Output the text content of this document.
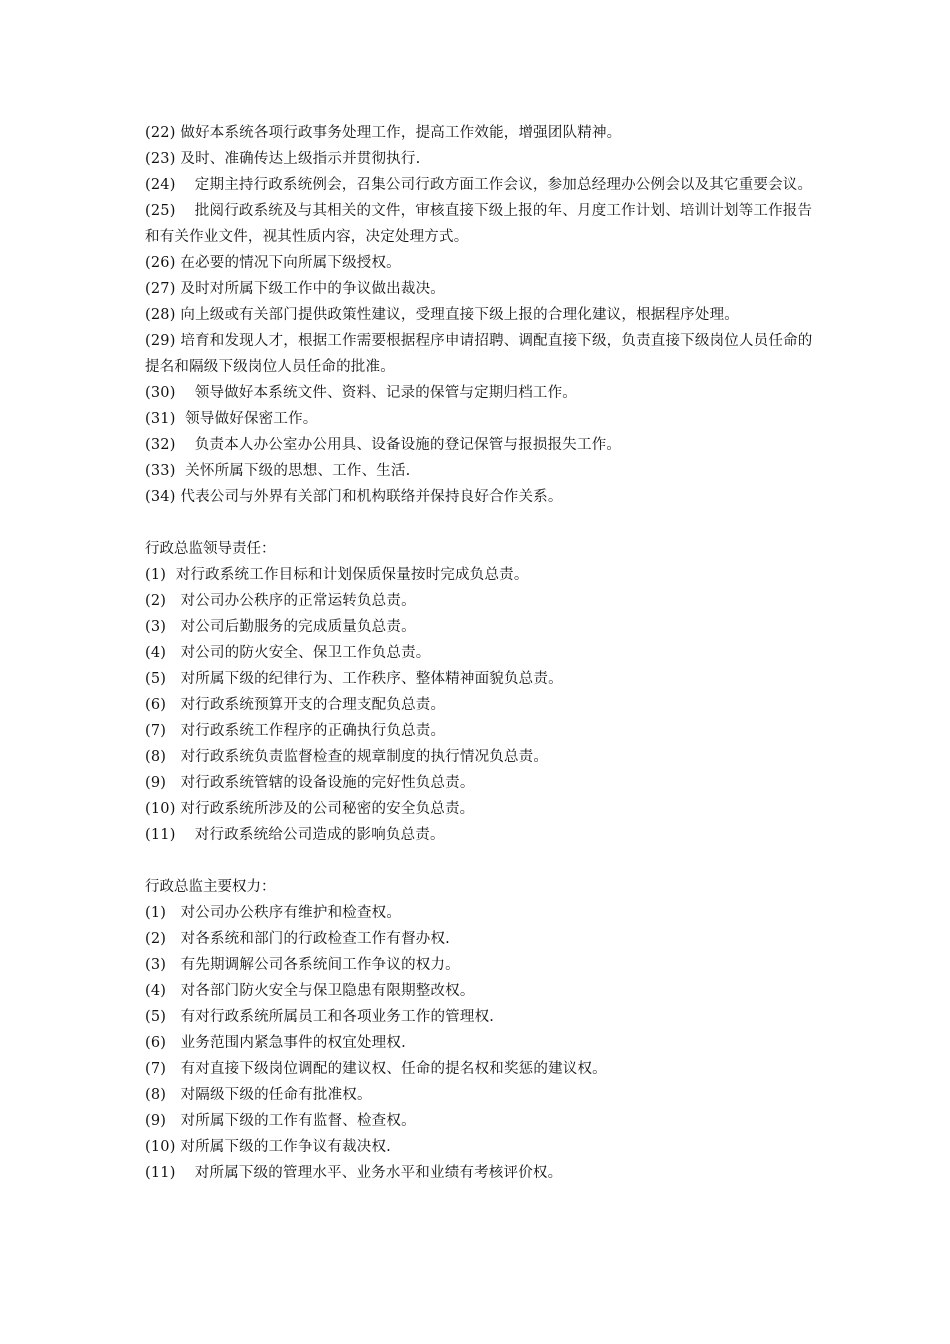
(22) 做好本系统各项行政事务处理工作，提高工作效能，增强团队精神。
(23) 及时、准确传达上级指示并贯彻执行.
(24)    定期主持行政系统例会，召集公司行政方面工作会议，参加总经理办公例会以及其它重要会议。
(25)    批阅行政系统及与其相关的文件，审核直接下级上报的年、月度工作计划、培训计划等工作报告和有关作业文件，视其性质内容，决定处理方式。
(26) 在必要的情况下向所属下级授权。
(27) 及时对所属下级工作中的争议做出裁决。
(28) 向上级或有关部门提供政策性建议，受理直接下级上报的合理化建议，根据程序处理。
(29) 培育和发现人才，根据工作需要根据程序申请招聘、调配直接下级，负责直接下级岗位人员任命的提名和隔级下级岗位人员任命的批准。
(30)    领导做好本系统文件、资料、记录的保管与定期归档工作。
(31)  领导做好保密工作。
(32)    负责本人办公室办公用具、设备设施的登记保管与报损报失工作。
(33)  关怀所属下级的思想、工作、生活.
(34) 代表公司与外界有关部门和机构联络并保持良好合作关系。
行政总监领导责任：
(1)  对行政系统工作目标和计划保质保量按时完成负总责。
(2)   对公司办公秩序的正常运转负总责。
(3)   对公司后勤服务的完成质量负总责。
(4)   对公司的防火安全、保卫工作负总责。
(5)   对所属下级的纪律行为、工作秩序、整体精神面貌负总责。
(6)   对行政系统预算开支的合理支配负总责。
(7)   对行政系统工作程序的正确执行负总责。
(8)   对行政系统负责监督检查的规章制度的执行情况负总责。
(9)   对行政系统管辖的设备设施的完好性负总责。
(10) 对行政系统所涉及的公司秘密的安全负总责。
(11)    对行政系统给公司造成的影响负总责。
行政总监主要权力：
(1)   对公司办公秩序有维护和检查权。
(2)   对各系统和部门的行政检查工作有督办权.
(3)   有先期调解公司各系统间工作争议的权力。
(4)   对各部门防火安全与保卫隐患有限期整改权。
(5)   有对行政系统所属员工和各项业务工作的管理权.
(6)   业务范围内紧急事件的权宜处理权.
(7)   有对直接下级岗位调配的建议权、任命的提名权和奖惩的建议权。
(8)   对隔级下级的任命有批准权。
(9)   对所属下级的工作有监督、检查权。
(10) 对所属下级的工作争议有裁决权.
(11)    对所属下级的管理水平、业务水平和业绩有考核评价权。
